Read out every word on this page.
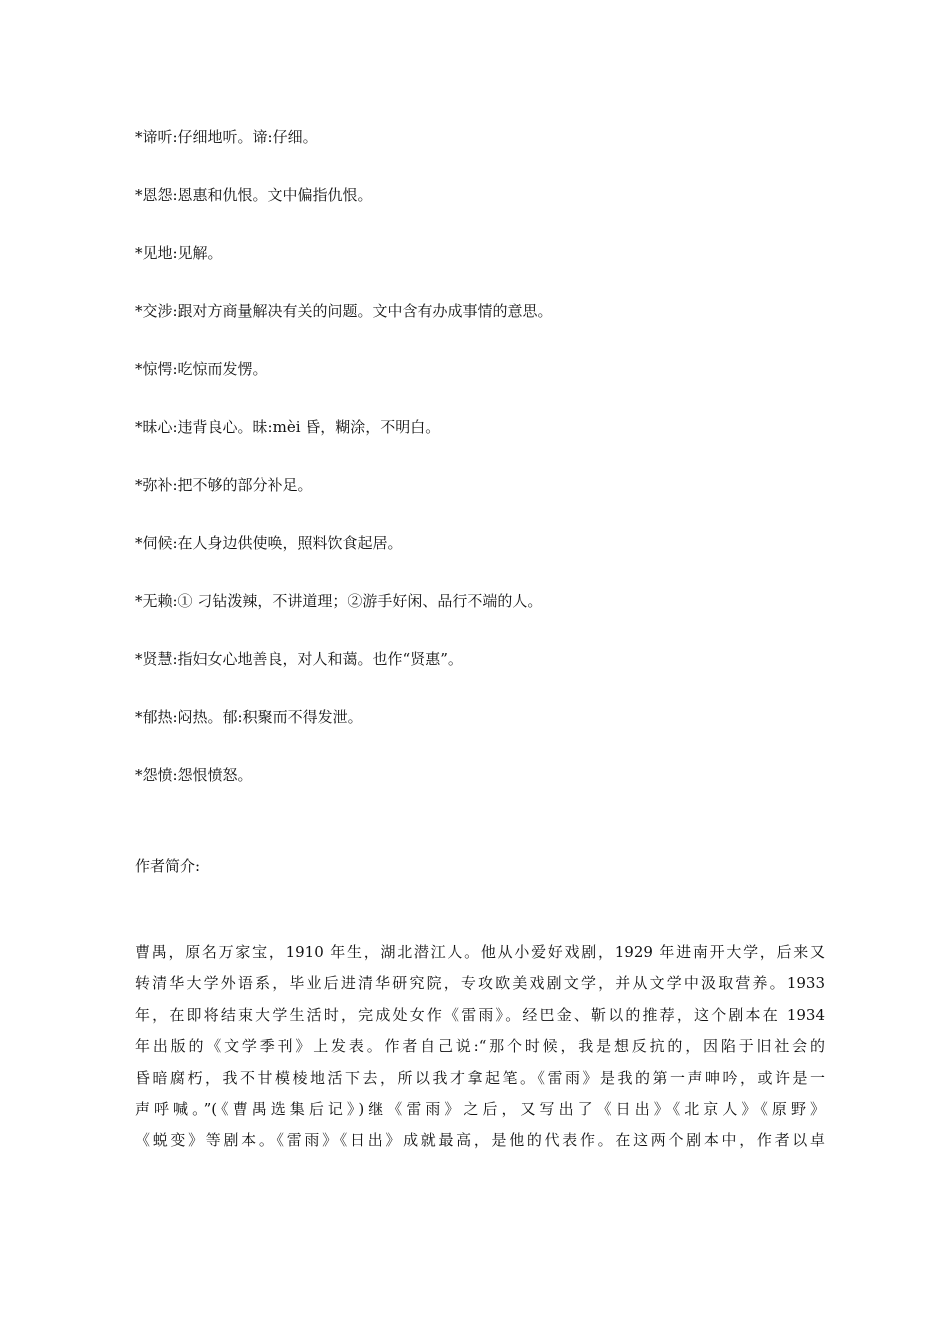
*谛听:仔细地听。谛:仔细。
*恩怨:恩惠和仇恨。文中偏指仇恨。
*见地:见解。
*交涉:跟对方商量解决有关的问题。文中含有办成事情的意思。
*惊愕:吃惊而发愣。
*昧心:违背良心。昧:mèi 昏，糊涂，不明白。
*弥补:把不够的部分补足。
*伺候:在人身边供使唤，照料饮食起居。
*无赖:① 刁钻泼辣，不讲道理；②游手好闲、品行不端的人。
*贤慧:指妇女心地善良，对人和蔼。也作“贤惠”。
*郁热:闷热。郁:积聚而不得发泄。
*怨愤:怨恨愤怒。
作者简介:
曹禺，原名万家宝，1910 年生，湖北潜江人。他从小爱好戏剧，1929 年进南开大学，后来又
转清华大学外语系，毕业后进清华研究院，专攻欧美戏剧文学，并从文学中汲取营养。1933
年，在即将结束大学生活时，完成处女作《雷雨》。经巴金、靳以的推荐，这个剧本在 1934
年出版的《文学季刊》上发表。作者自己说:“那个时候，我是想反抗的，因陷于旧社会的
昏暗腐朽，我不甘模棱地活下去，所以我才拿起笔。《雷雨》是我的第一声呻吟，或许是一
声呼喊。”(《曹禺选集后记》)继《雷雨》之后，又写出了《日出》《北京人》《原野》
《蜕变》等剧本。《雷雨》《日出》成就最高，是他的代表作。在这两个剧本中，作者以卓
